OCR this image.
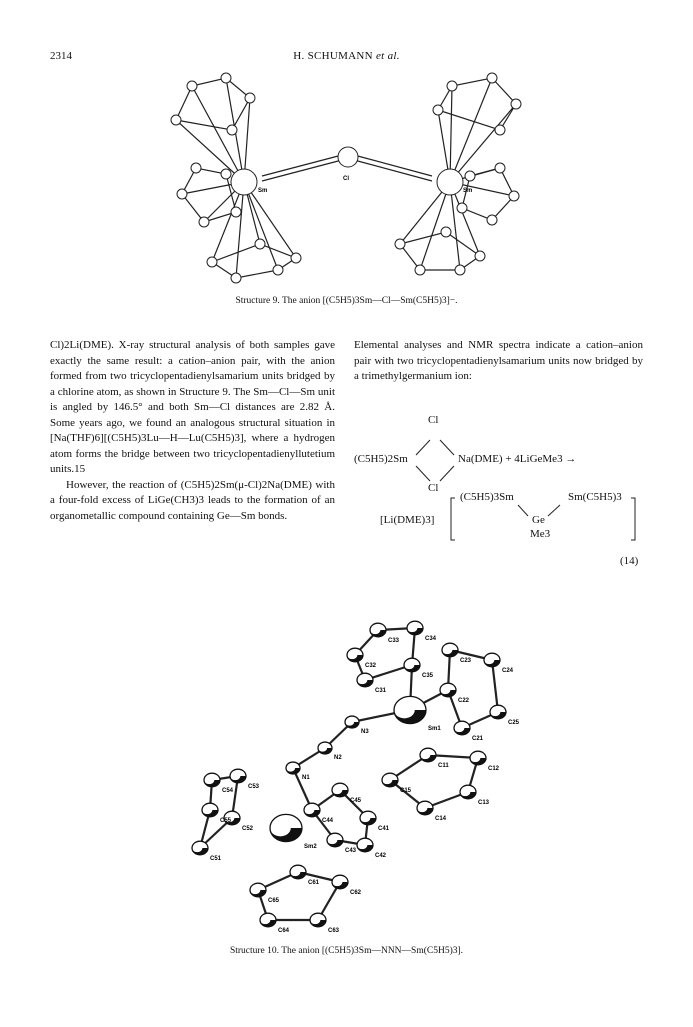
2314	H. SCHUMANN et al.
Sm
Cl
Sm
Structure 9. The anion [(C5H5)3Sm—Cl—Sm(C5H5)3]−.

Cl)2Li(DME). X-ray structural analysis of both samples gave exactly the same result: a cation–anion pair, with the anion formed from two tricyclopentadienylsamarium units bridged by a chlorine atom, as shown in Structure 9. The Sm—Cl—Sm unit is angled by 146.5° and both Sm—Cl distances are 2.82 Å. Some years ago, we found an analogous structural situation in [Na(THF)6][(C5H5)3Lu—H—Lu(C5H5)3], where a hydrogen atom forms the bridge between two tricyclopentadienyllutetium units.15

However, the reaction of (C5H5)2Sm(μ-Cl)2Na(DME) with a four-fold excess of LiGe(CH3)3 leads to the formation of an organometallic compound containing Ge—Sm bonds.

Elemental analyses and NMR spectra indicate a cation–anion pair with two tricyclopentadienylsamarium units now bridged by a trimethylgermanium ion:

Cl
(C5H5)2Sm	Na(DME) + 4LiGeMe3 →
Cl
[Li(DME)3]
(C5H5)3Sm	Sm(C5H5)3
Ge
Me3
(14)
C33	C34
C32
C35
C23
C24
C31
C22
N3
C25
Sm1
C21
N2
C11	C12
N1
C45
C53
C54	C15
C44
C13
C52
C55
C41
C14
C43
C42
C51
Sm2
C61
C62
C65
C64	C63
Structure 10. The anion [(C5H5)3Sm—NNN—Sm(C5H5)3].
